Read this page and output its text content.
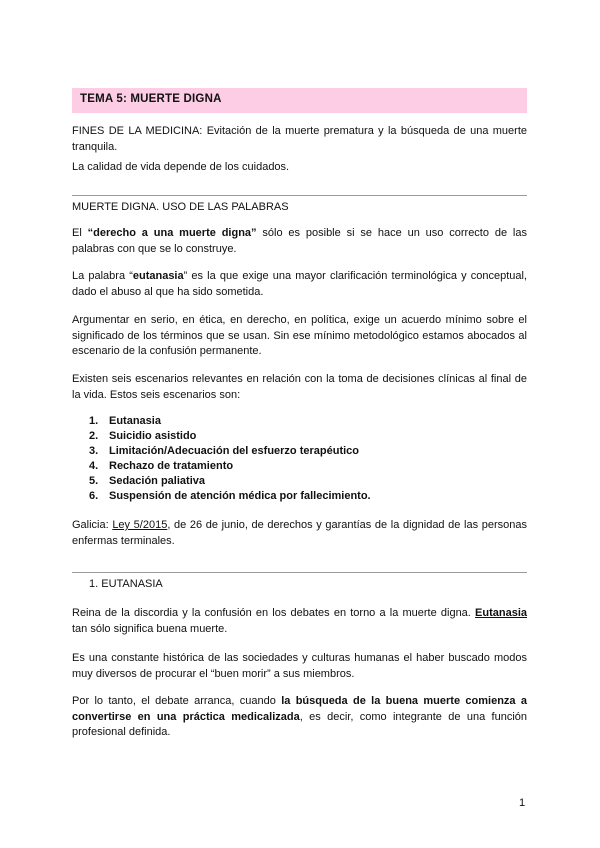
TEMA 5: MUERTE DIGNA
FINES DE LA MEDICINA: Evitación de la muerte prematura y la búsqueda de una muerte tranquila.
La calidad de vida depende de los cuidados.
MUERTE DIGNA. USO DE LAS PALABRAS
El “derecho a una muerte digna” sólo es posible si se hace un uso correcto de las palabras con que se lo construye.
La palabra “eutanasia” es la que exige una mayor clarificación terminológica y conceptual, dado el abuso al que ha sido sometida.
Argumentar en serio, en ética, en derecho, en política, exige un acuerdo mínimo sobre el significado de los términos que se usan. Sin ese mínimo metodológico estamos abocados al escenario de la confusión permanente.
Existen seis escenarios relevantes en relación con la toma de decisiones clínicas al final de la vida. Estos seis escenarios son:
1. Eutanasia
2. Suicidio asistido
3. Limitación/Adecuación del esfuerzo terapéutico
4. Rechazo de tratamiento
5. Sedación paliativa
6. Suspensión de atención médica por fallecimiento.
Galicia: Ley 5/2015, de 26 de junio, de derechos y garantías de la dignidad de las personas enfermas terminales.
1. EUTANASIA
Reina de la discordia y la confusión en los debates en torno a la muerte digna. Eutanasia tan sólo significa buena muerte.
Es una constante histórica de las sociedades y culturas humanas el haber buscado modos muy diversos de procurar el “buen morir” a sus miembros.
Por lo tanto, el debate arranca, cuando la búsqueda de la buena muerte comienza a convertirse en una práctica medicalizada, es decir, como integrante de una función profesional definida.
1
